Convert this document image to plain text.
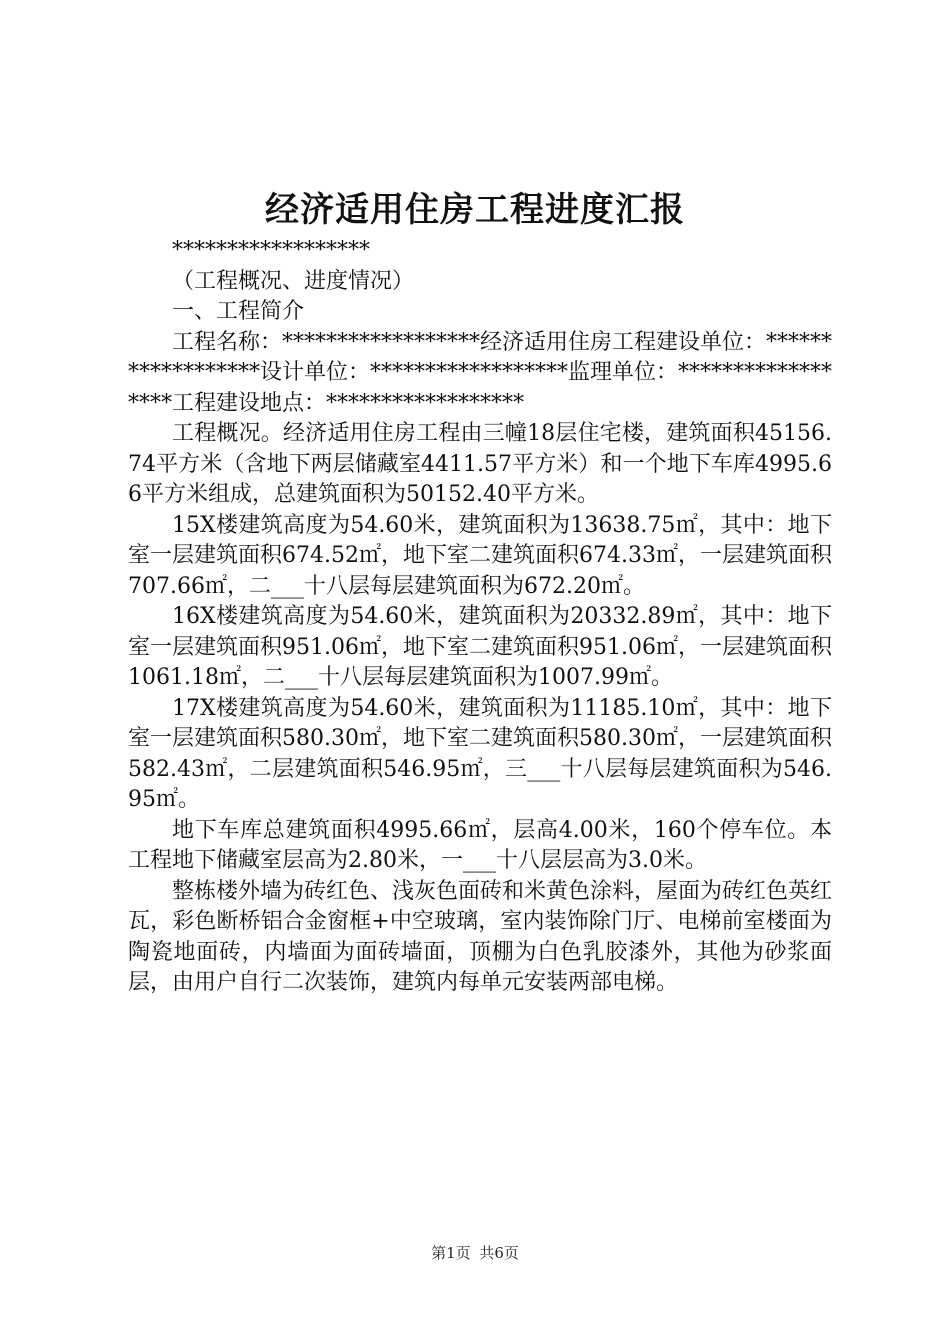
经济适用住房工程进度汇报

******************

（工程概况、进度情况）

一、工程简介

工程名称：******************经济适用住房工程建设单位：******************设计单位：******************监理单位：******************工程建设地点：******************

工程概况。经济适用住房工程由三幢18层住宅楼，建筑面积45156.74平方米（含地下两层储藏室4411.57平方米）和一个地下车库4995.66平方米组成，总建筑面积为50152.40平方米。

15X楼建筑高度为54.60米，建筑面积为13638.75㎡，其中：地下室一层建筑面积674.52㎡，地下室二建筑面积674.33㎡，一层建筑面积707.66㎡，二___十八层每层建筑面积为672.20㎡。

16X楼建筑高度为54.60米，建筑面积为20332.89㎡，其中：地下室一层建筑面积951.06㎡，地下室二建筑面积951.06㎡，一层建筑面积1061.18㎡，二___十八层每层建筑面积为1007.99㎡。

17X楼建筑高度为54.60米，建筑面积为11185.10㎡，其中：地下室一层建筑面积580.30㎡，地下室二建筑面积580.30㎡，一层建筑面积582.43㎡，二层建筑面积546.95㎡，三___十八层每层建筑面积为546.95㎡。

地下车库总建筑面积4995.66㎡，层高4.00米，160个停车位。本工程地下储藏室层高为2.80米，一___十八层层高为3.0米。

整栋楼外墙为砖红色、浅灰色面砖和米黄色涂料，屋面为砖红色英红瓦，彩色断桥铝合金窗框+中空玻璃，室内装饰除门厅、电梯前室楼面为陶瓷地面砖，内墙面为面砖墙面，顶棚为白色乳胶漆外，其他为砂浆面层，由用户自行二次装饰，建筑内每单元安装两部电梯。

第1页 共6页
